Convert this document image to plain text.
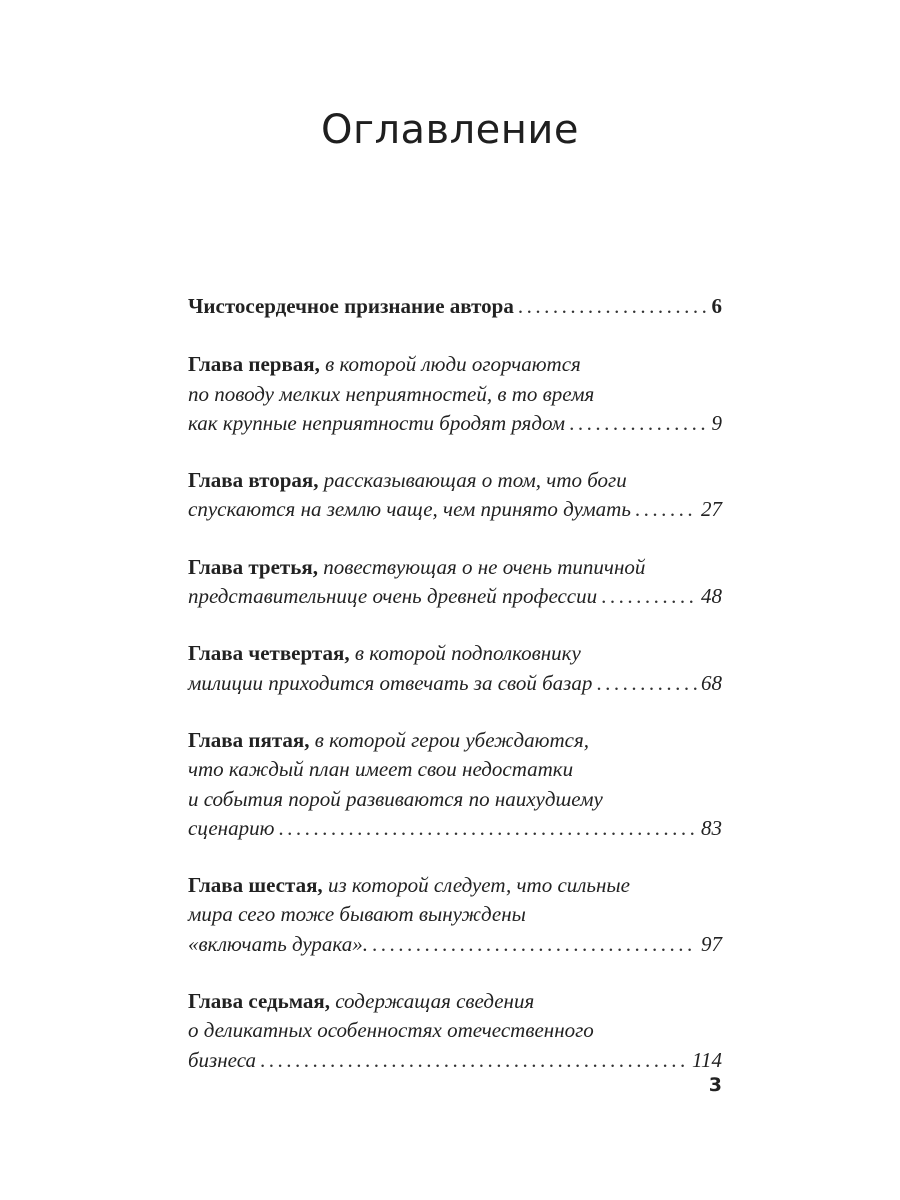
Оглавление
Чистосердечное признание автора .....	6
Глава первая,
в которой люди огорчаются
по поводу мелких неприятностей, в то время
как крупные неприятности бродят рядом .....	9
Глава вторая,
рассказывающая о том, что боги
спускаются на землю чаще, чем принято думать .....	27
Глава третья,
повествующая о не очень типичной
представительнице очень древней профессии .....	48
Глава четвертая,
в которой подполковнику
милиции приходится отвечать за свой базар .....	68
Глава пятая,
в которой герои убеждаются,
что каждый план имеет свои недостатки
и события порой развиваются по наихудшему
сценарию .....	83
Глава шестая,
из которой следует, что сильные
мира сего тоже бывают вынуждены
«включать дурака». .....	97
Глава седьмая,
содержащая сведения
о деликатных особенностях отечественного
бизнеса .....	114
3
